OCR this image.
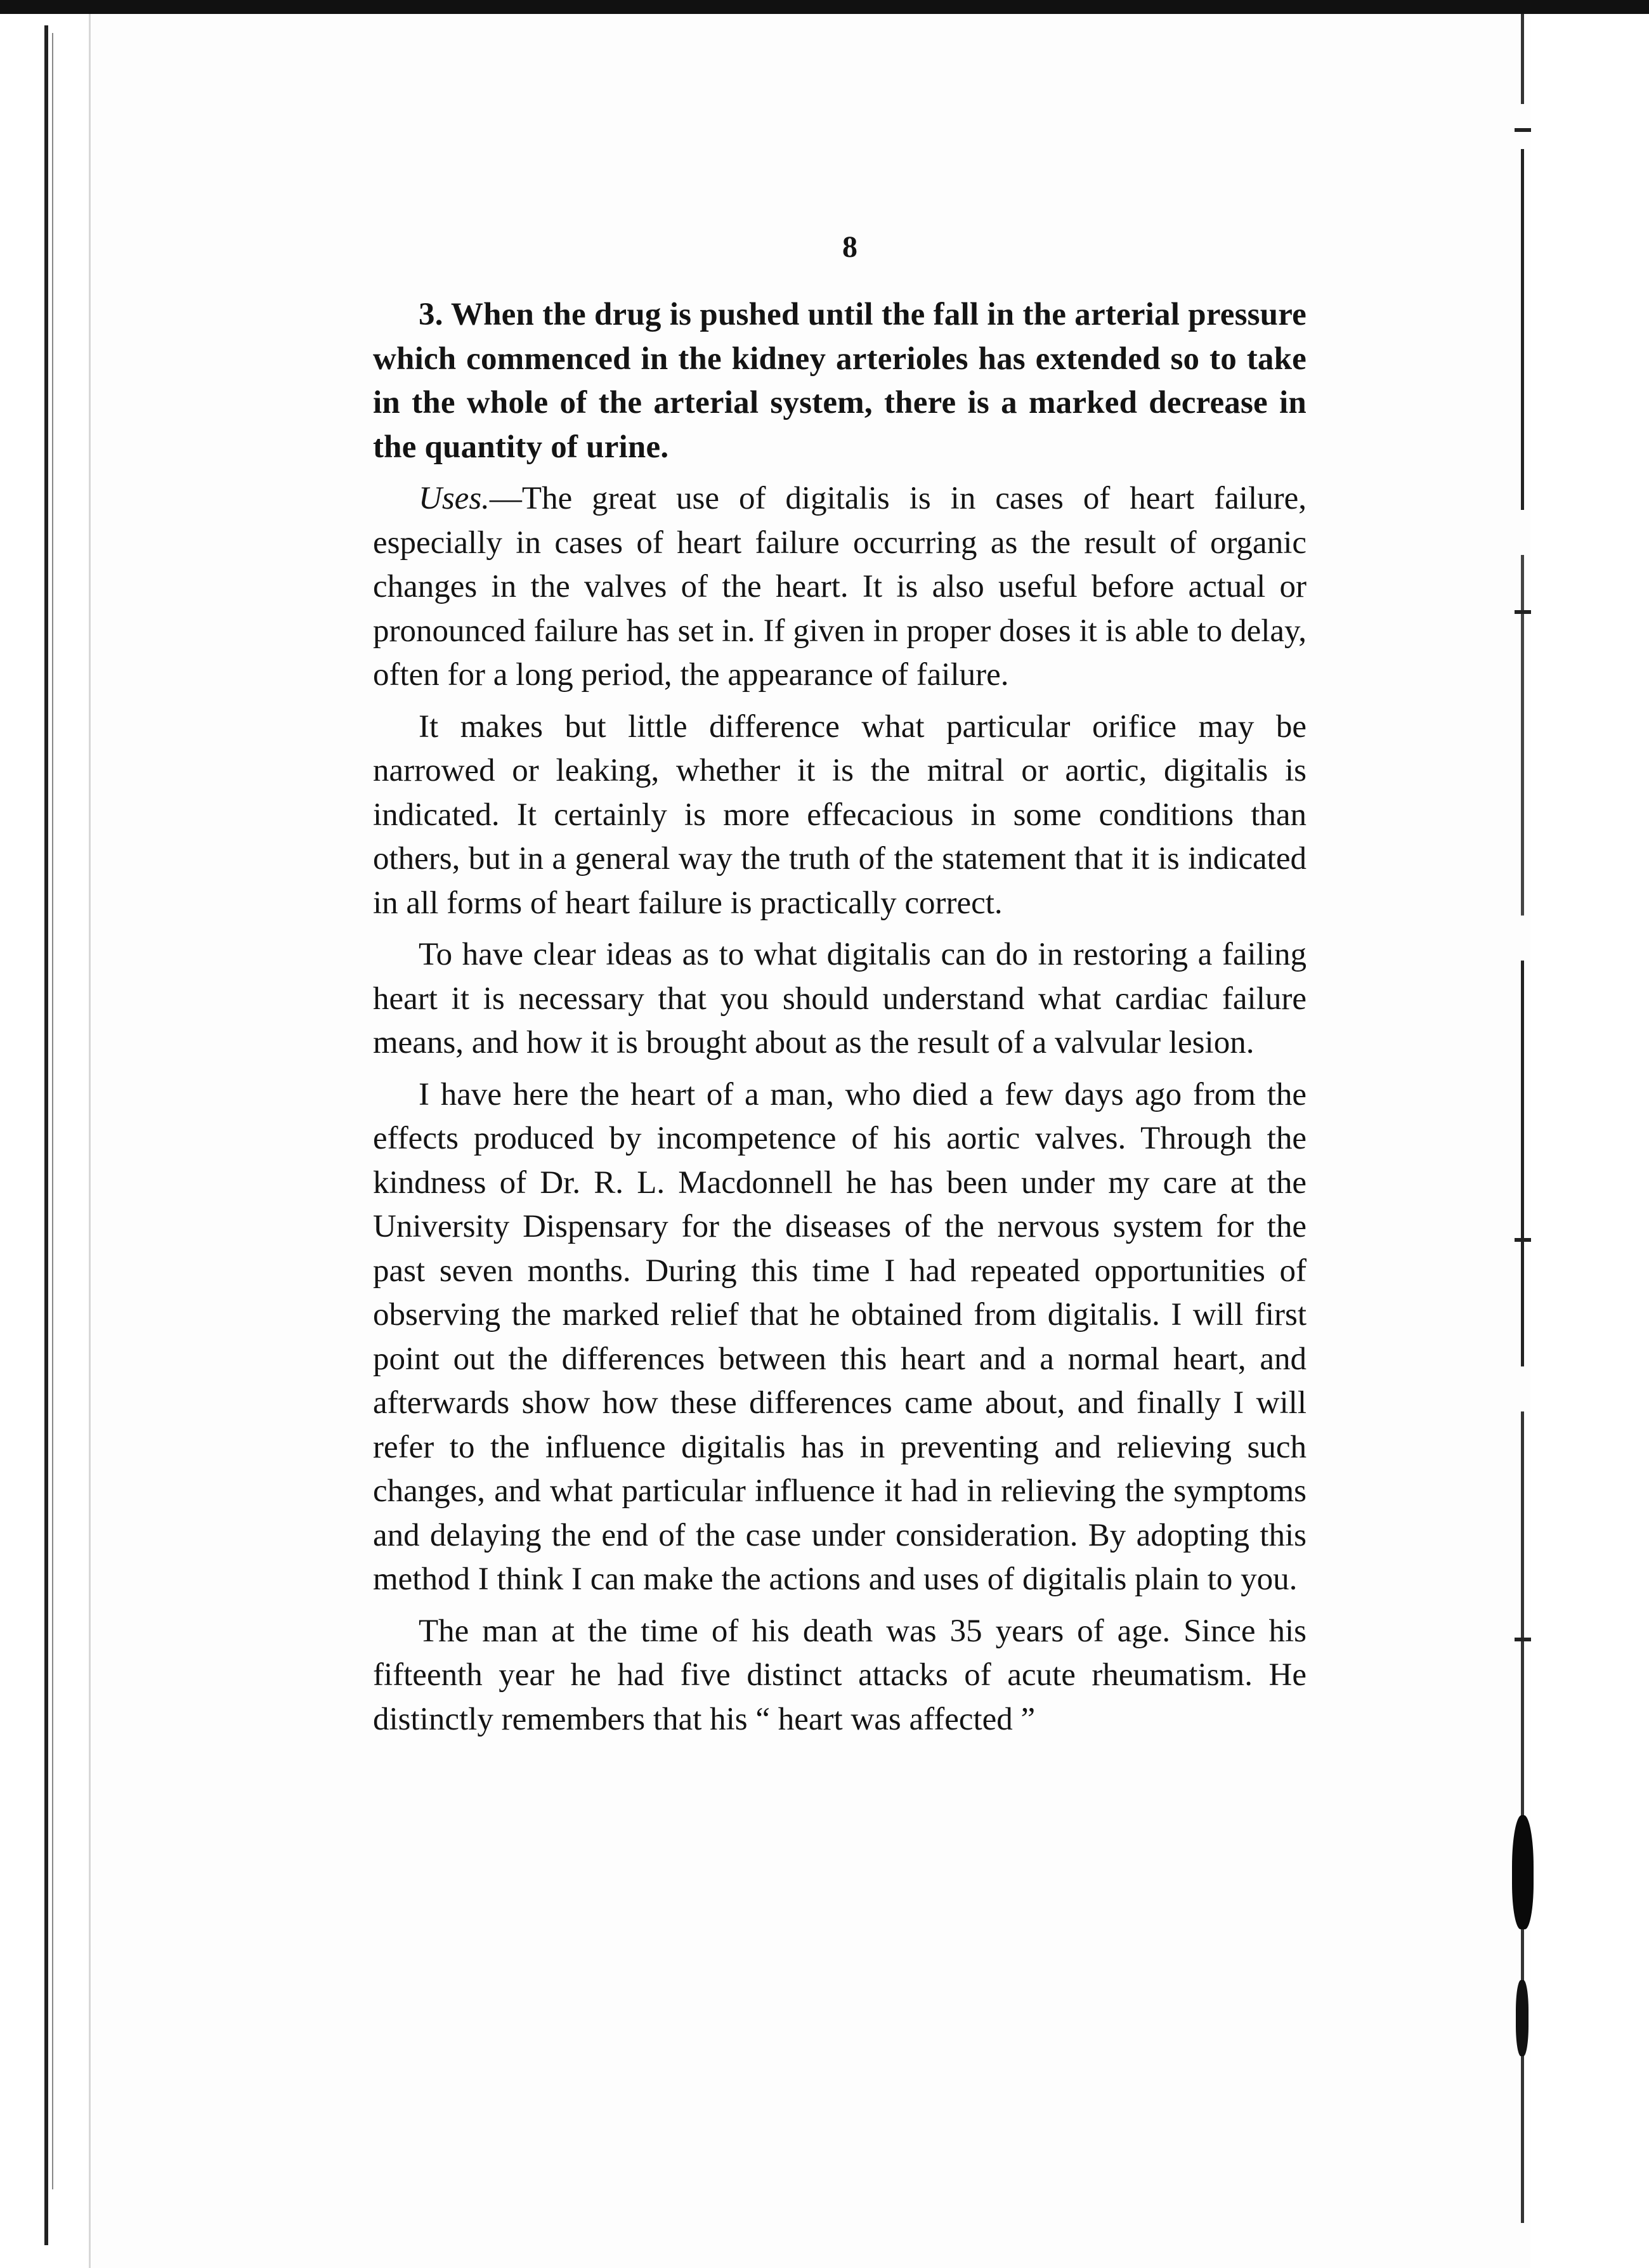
8

3. When the drug is pushed until the fall in the arterial pressure which commenced in the kidney arterioles has extended so to take in the whole of the arterial system, there is a marked decrease in the quantity of urine.

Uses.—The great use of digitalis is in cases of heart failure, especially in cases of heart failure occurring as the result of organic changes in the valves of the heart. It is also useful before actual or pronounced failure has set in. If given in proper doses it is able to delay, often for a long period, the appearance of failure.

It makes but little difference what particular orifice may be narrowed or leaking, whether it is the mitral or aortic, digitalis is indicated. It certainly is more effecacious in some conditions than others, but in a general way the truth of the statement that it is indicated in all forms of heart failure is practically correct.

To have clear ideas as to what digitalis can do in restoring a failing heart it is necessary that you should understand what cardiac failure means, and how it is brought about as the result of a valvular lesion.

I have here the heart of a man, who died a few days ago from the effects produced by incompetence of his aortic valves. Through the kindness of Dr. R. L. Macdonnell he has been under my care at the University Dispensary for the diseases of the nervous system for the past seven months. During this time I had repeated opportunities of observing the marked relief that he obtained from digitalis. I will first point out the differences between this heart and a normal heart, and afterwards show how these differences came about, and finally I will refer to the influence digitalis has in preventing and relieving such changes, and what particular influence it had in relieving the symptoms and delaying the end of the case under consideration. By adopting this method I think I can make the actions and uses of digitalis plain to you.

The man at the time of his death was 35 years of age. Since his fifteenth year he had five distinct attacks of acute rheumatism. He distinctly remembers that his “ heart was affected ”
